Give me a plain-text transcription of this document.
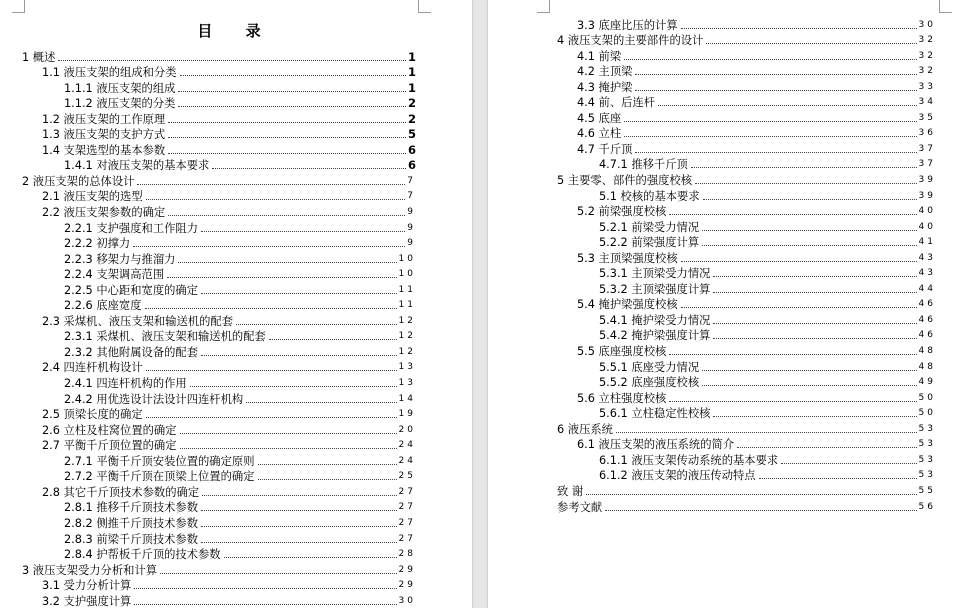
目 录
1 概述	1
1.1 液压支架的组成和分类	1
1.1.1 液压支架的组成	1
1.1.2 液压支架的分类	2
1.2 液压支架的工作原理	2
1.3 液压支架的支护方式	5
1.4 支架选型的基本参数	6
1.4.1 对液压支架的基本要求	6
2 液压支架的总体设计	7
2.1 液压支架的选型	7
2.2 液压支架参数的确定	9
2.2.1 支护强度和工作阻力	9
2.2.2 初撑力	9
2.2.3 移架力与推溜力	10
2.2.4 支架调高范围	10
2.2.5 中心距和宽度的确定	11
2.2.6 底座宽度	11
2.3 采煤机、液压支架和输送机的配套	12
2.3.1 采煤机、液压支架和输送机的配套	12
2.3.2 其他附属设备的配套	12
2.4 四连杆机构设计	13
2.4.1 四连杆机构的作用	13
2.4.2 用优选设计法设计四连杆机构	14
2.5 顶梁长度的确定	19
2.6 立柱及柱窝位置的确定	20
2.7 平衡千斤顶位置的确定	24
2.7.1 平衡千斤顶安装位置的确定原则	24
2.7.2 平衡千斤顶在顶梁上位置的确定	25
2.8 其它千斤顶技术参数的确定	27
2.8.1 推移千斤顶技术参数	27
2.8.2 侧推千斤顶技术参数	27
2.8.3 前梁千斤顶技术参数	27
2.8.4 护帮板千斤顶的技术参数	28
3 液压支架受力分析和计算	29
3.1 受力分析计算	29
3.2 支护强度计算	30
3.3 底座比压的计算	30
4 液压支架的主要部件的设计	32
4.1 前梁	32
4.2 主顶梁	32
4.3 掩护梁	33
4.4 前、后连杆	34
4.5 底座	35
4.6 立柱	36
4.7 千斤顶	37
4.7.1 推移千斤顶	37
5 主要零、部件的强度校核	39
5.1 校核的基本要求	39
5.2 前梁强度校核	40
5.2.1 前梁受力情况	40
5.2.2 前梁强度计算	41
5.3 主顶梁强度校核	43
5.3.1 主顶梁受力情况	43
5.3.2 主顶梁强度计算	44
5.4 掩护梁强度校核	46
5.4.1 掩护梁受力情况	46
5.4.2 掩护梁强度计算	46
5.5 底座强度校核	48
5.5.1 底座受力情况	48
5.5.2 底座强度校核	49
5.6 立柱强度校核	50
5.6.1 立柱稳定性校核	50
6 液压系统	53
6.1 液压支架的液压系统的简介	53
6.1.1 液压支架传动系统的基本要求	53
6.1.2 液压支架的液压传动特点	53
致 谢	55
参考文献	56
